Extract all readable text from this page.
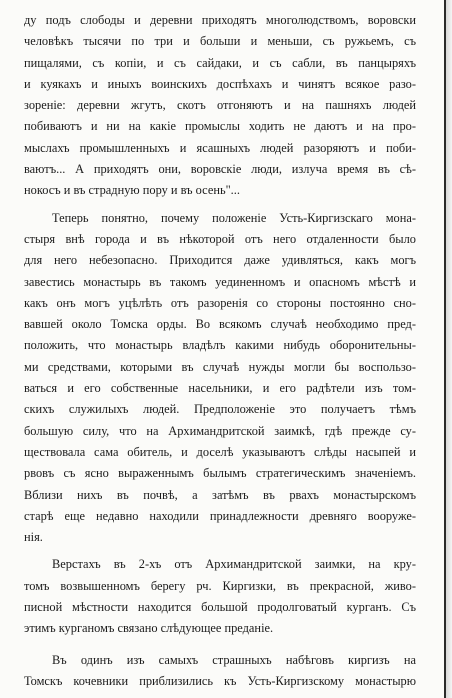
ду подъ слободы и деревни приходятъ многолюдствомъ, воровски
человѣкъ тысячи по три и больши и меньши, съ ружьемъ, съ
пищалями, съ копiи, и съ сайдаки, и съ сабли, въ панцыряхъ
и куякахъ и иныхъ воинскихъ доспѣхахъ и чинятъ всякое разо-
зоренiе: деревни жгутъ, скотъ отгоняютъ и на пашняхъ людей
побиваютъ и ни на какiе промыслы ходить не даютъ и на про-
мыслахъ промышленныхъ и ясашныхъ людей разоряютъ и поби-
ваютъ... А приходятъ они, воровскiе люди, излуча время въ сѣ-
нокосъ и въ страдную пору и въ осень"...
Теперь понятно, почему положенiе Усть-Киргизскаго мона-
стыря внѣ города и въ нѣкоторой отъ него отдаленности было
для него небезопасно. Приходится даже удивляться, какъ могъ
завестись монастырь въ такомъ уединенномъ и опасномъ мѣстѣ и
какъ онъ могъ уцѣлѣть отъ разоренiя со стороны постоянно сно-
вавшей около Томска орды. Во всякомъ случаѣ необходимо пред-
положить, что монастырь владѣлъ какими нибудь оборонительны-
ми средствами, которыми въ случаѣ нужды могли бы воспользо-
ваться и его собственные насельники, и его радѣтели изъ том-
скихъ служилыхъ людей. Предположенiе это получаетъ тѣмъ
большую силу, что на Архимандритской заимкѣ, гдѣ прежде су-
ществовала сама обитель, и доселѣ указываютъ слѣды насыпей и
рвовъ съ ясно выраженнымъ былымъ стратегическимъ значенiемъ.
Вблизи нихъ въ почвѣ, а затѣмъ въ рвахъ монастырскомъ
старѣ еще недавно находили принадлежности древняго вооруже-
нiя.
Верстахъ въ 2-хъ отъ Архимандритской заимки, на кру-
томъ возвышенномъ берегу рч. Киргизки, въ прекрасной, живо-
писной мѣстности находится большой продолговатый курганъ. Съ
этимъ курганомъ связано слѣдующее преданiе.
Въ одинъ изъ самыхъ страшныхъ набѣговъ киргизъ на
Томскъ кочевники приблизились къ Усть-Киргизскому монастырю
